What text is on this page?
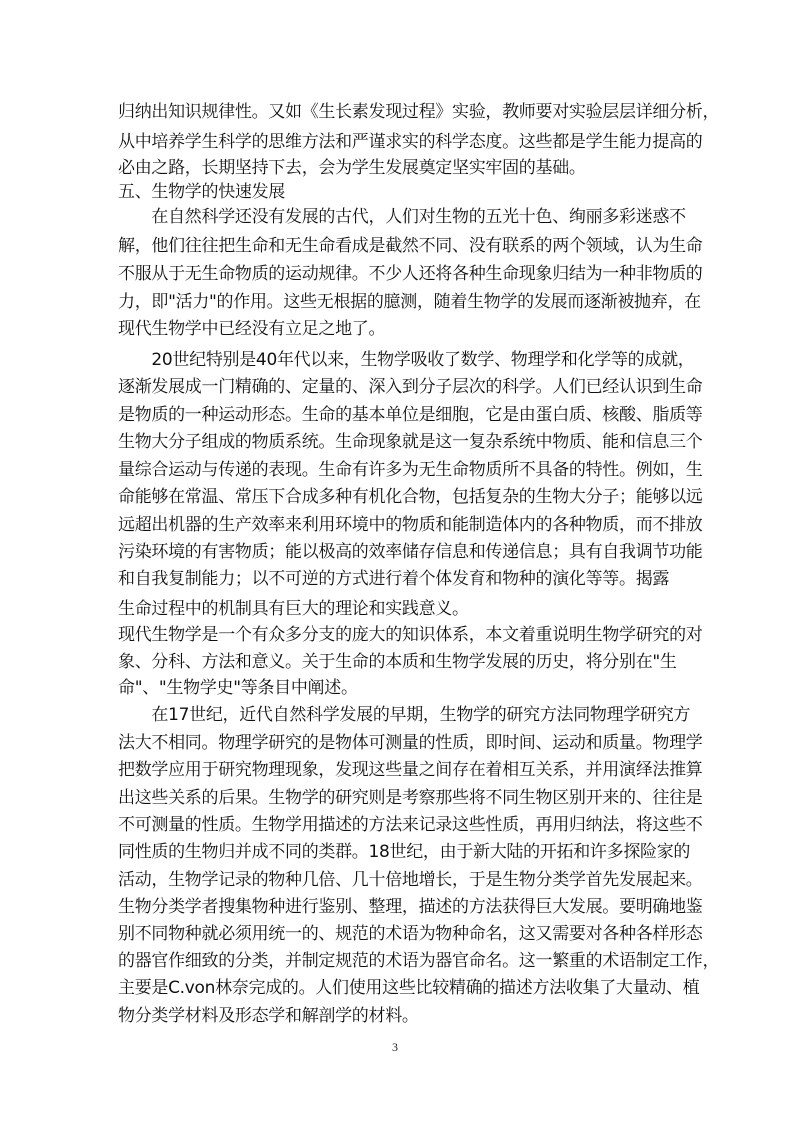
归纳出知识规律性。又如《生长素发现过程》实验，教师要对实验层层详细分析，
从中培养学生科学的思维方法和严谨求实的科学态度。这些都是学生能力提高的
必由之路，长期坚持下去，会为学生发展奠定坚实牢固的基础。
五、生物学的快速发展
　　在自然科学还没有发展的古代，人们对生物的五光十色、绚丽多彩迷惑不
解，他们往往把生命和无生命看成是截然不同、没有联系的两个领域，认为生命
不服从于无生命物质的运动规律。不少人还将各种生命现象归结为一种非物质的
力，即"活力"的作用。这些无根据的臆测，随着生物学的发展而逐渐被抛弃，在
现代生物学中已经没有立足之地了。
　　20世纪特别是40年代以来，生物学吸收了数学、物理学和化学等的成就，
逐渐发展成一门精确的、定量的、深入到分子层次的科学。人们已经认识到生命
是物质的一种运动形态。生命的基本单位是细胞，它是由蛋白质、核酸、脂质等
生物大分子组成的物质系统。生命现象就是这一复杂系统中物质、能和信息三个
量综合运动与传递的表现。生命有许多为无生命物质所不具备的特性。例如，生
命能够在常温、常压下合成多种有机化合物，包括复杂的生物大分子；能够以远
远超出机器的生产效率来利用环境中的物质和能制造体内的各种物质，而不排放
污染环境的有害物质；能以极高的效率储存信息和传递信息；具有自我调节功能
和自我复制能力；以不可逆的方式进行着个体发育和物种的演化等等。揭露
生命过程中的机制具有巨大的理论和实践意义。
现代生物学是一个有众多分支的庞大的知识体系，本文着重说明生物学研究的对
象、分科、方法和意义。关于生命的本质和生物学发展的历史，将分别在"生
命"、"生物学史"等条目中阐述。
　　在17世纪，近代自然科学发展的早期，生物学的研究方法同物理学研究方
法大不相同。物理学研究的是物体可测量的性质，即时间、运动和质量。物理学
把数学应用于研究物理现象，发现这些量之间存在着相互关系，并用演绎法推算
出这些关系的后果。生物学的研究则是考察那些将不同生物区别开来的、往往是
不可测量的性质。生物学用描述的方法来记录这些性质，再用归纳法，将这些不
同性质的生物归并成不同的类群。18世纪，由于新大陆的开拓和许多探险家的
活动，生物学记录的物种几倍、几十倍地增长，于是生物分类学首先发展起来。
生物分类学者搜集物种进行鉴别、整理，描述的方法获得巨大发展。要明确地鉴
别不同物种就必须用统一的、规范的术语为物种命名，这又需要对各种各样形态
的器官作细致的分类，并制定规范的术语为器官命名。这一繁重的术语制定工作，
主要是C.von林奈完成的。人们使用这些比较精确的描述方法收集了大量动、植
物分类学材料及形态学和解剖学的材料。
3
